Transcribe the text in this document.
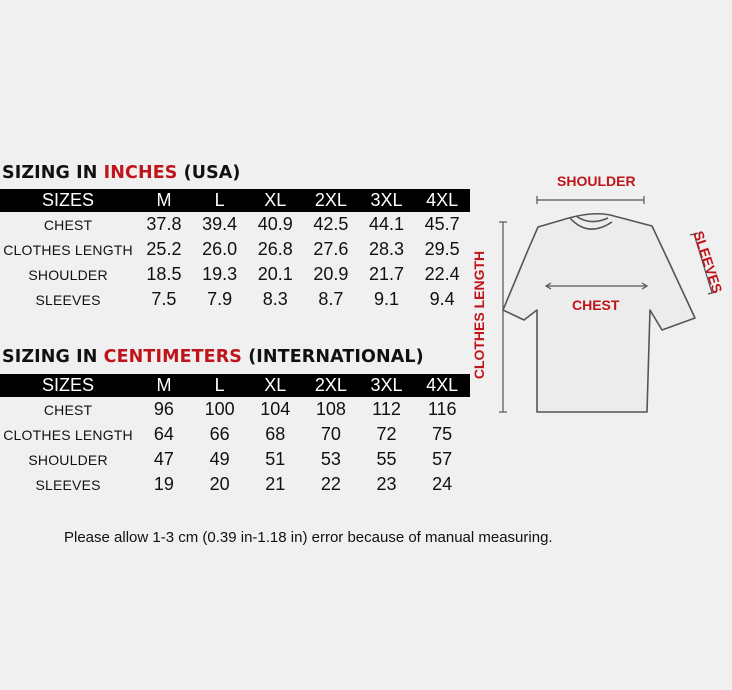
SIZING IN INCHES (USA)
SIZES	M	L	XL	2XL	3XL	4XL
CHEST	37.8	39.4	40.9	42.5	44.1	45.7
CLOTHES LENGTH	25.2	26.0	26.8	27.6	28.3	29.5
SHOULDER	18.5	19.3	20.1	20.9	21.7	22.4
SLEEVES	7.5	7.9	8.3	8.7	9.1	9.4
SIZING IN CENTIMETERS (INTERNATIONAL)
SIZES	M	L	XL	2XL	3XL	4XL
CHEST	96	100	104	108	112	116
CLOTHES LENGTH	64	66	68	70	72	75
SHOULDER	47	49	51	53	55	57
SLEEVES	19	20	21	22	23	24
SHOULDER
CHEST
CLOTHES LENGTH	SLEEVES
Please allow 1-3 cm (0.39 in-1.18 in) error because of manual measuring.
